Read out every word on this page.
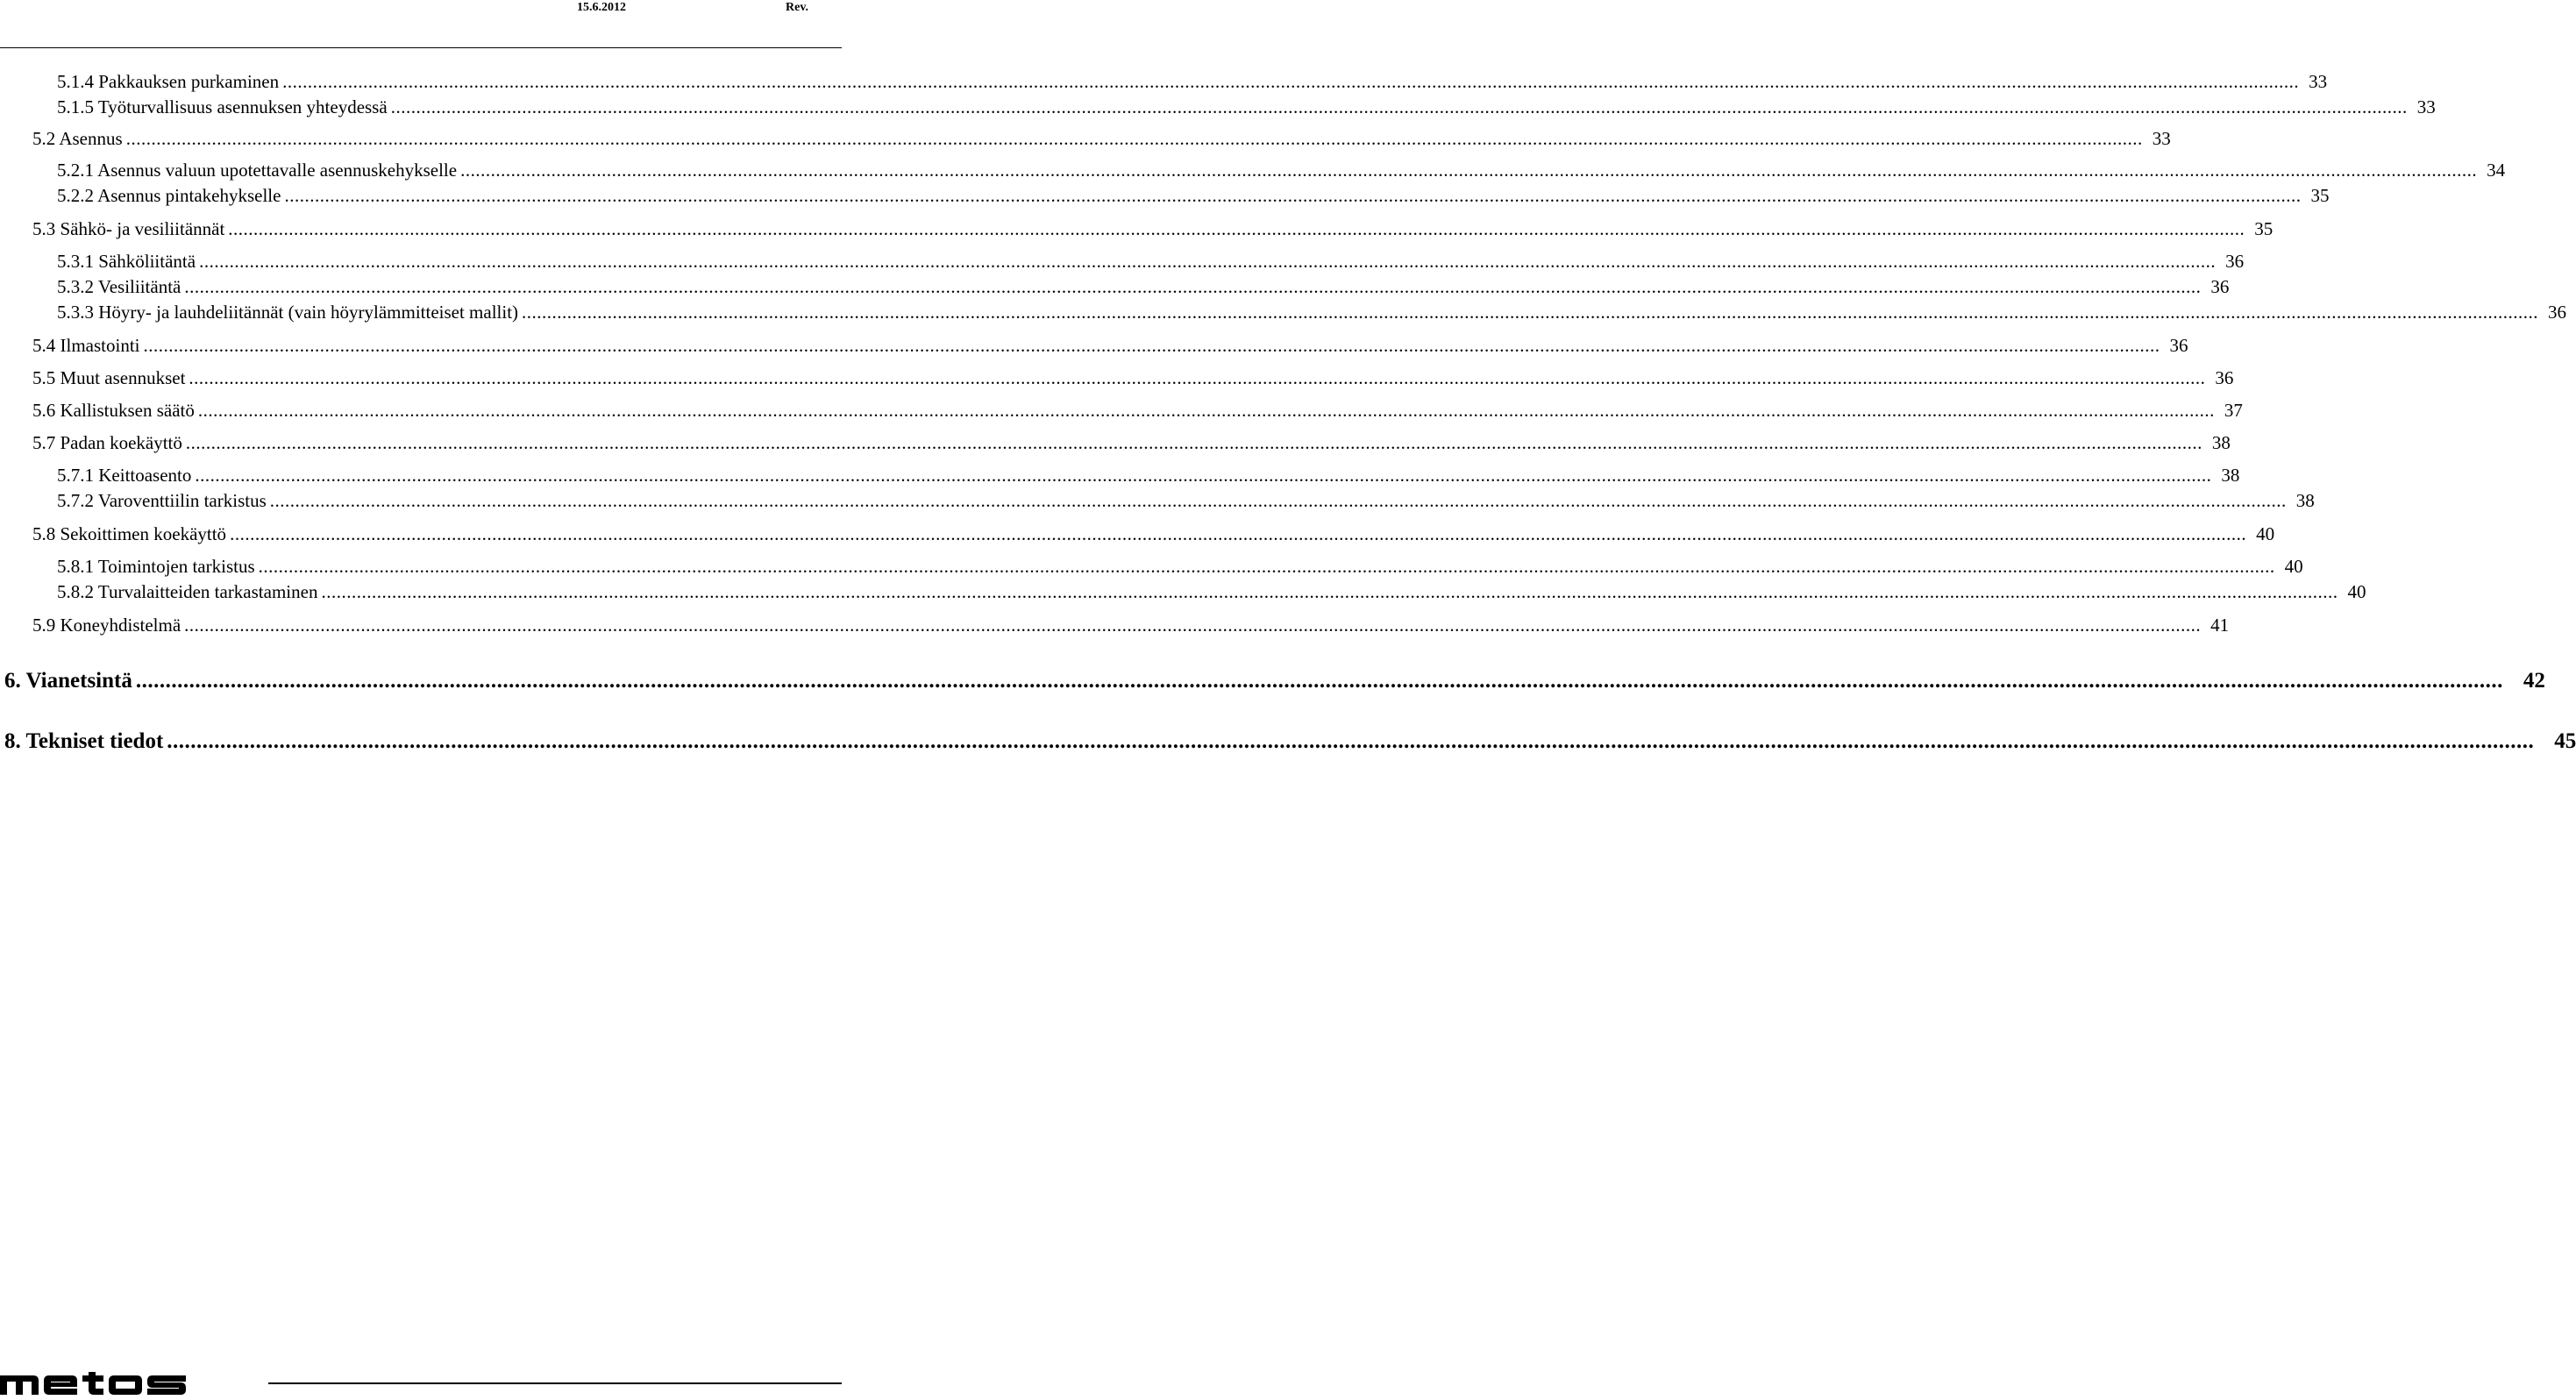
15.6.2012	Rev.
5.1.4 Pakkauksen purkaminen ................................................................................................................................................................................................................................................................................................................................................................................................................ 33
5.1.5 Työturvallisuus asennuksen yhteydessä ................................................................................................................................................................................................................................................................................................................................................................................................................ 33
5.2 Asennus ................................................................................................................................................................................................................................................................................................................................................................................................................ 33
5.2.1 Asennus valuun upotettavalle asennuskehykselle ................................................................................................................................................................................................................................................................................................................................................................................................................ 34
5.2.2 Asennus pintakehykselle ................................................................................................................................................................................................................................................................................................................................................................................................................ 35
5.3 Sähkö- ja vesiliitännät ................................................................................................................................................................................................................................................................................................................................................................................................................ 35
5.3.1 Sähköliitäntä ................................................................................................................................................................................................................................................................................................................................................................................................................ 36
5.3.2 Vesiliitäntä ................................................................................................................................................................................................................................................................................................................................................................................................................ 36
5.3.3 Höyry- ja lauhdeliitännät (vain höyrylämmitteiset mallit) ................................................................................................................................................................................................................................................................................................................................................................................................................ 36
5.4 Ilmastointi ................................................................................................................................................................................................................................................................................................................................................................................................................ 36
5.5 Muut asennukset ................................................................................................................................................................................................................................................................................................................................................................................................................ 36
5.6 Kallistuksen säätö ................................................................................................................................................................................................................................................................................................................................................................................................................ 37
5.7 Padan koekäyttö ................................................................................................................................................................................................................................................................................................................................................................................................................ 38
5.7.1 Keittoasento ................................................................................................................................................................................................................................................................................................................................................................................................................ 38
5.7.2 Varoventtiilin tarkistus ................................................................................................................................................................................................................................................................................................................................................................................................................ 38
5.8 Sekoittimen koekäyttö ................................................................................................................................................................................................................................................................................................................................................................................................................ 40
5.8.1 Toimintojen tarkistus ................................................................................................................................................................................................................................................................................................................................................................................................................ 40
5.8.2 Turvalaitteiden tarkastaminen ................................................................................................................................................................................................................................................................................................................................................................................................................ 40
5.9 Koneyhdistelmä ................................................................................................................................................................................................................................................................................................................................................................................................................ 41
6. Vianetsintä ................................................................................................................................................................................................................................................................................................................................................................................................................ 42
8. Tekniset tiedot ................................................................................................................................................................................................................................................................................................................................................................................................................ 45
